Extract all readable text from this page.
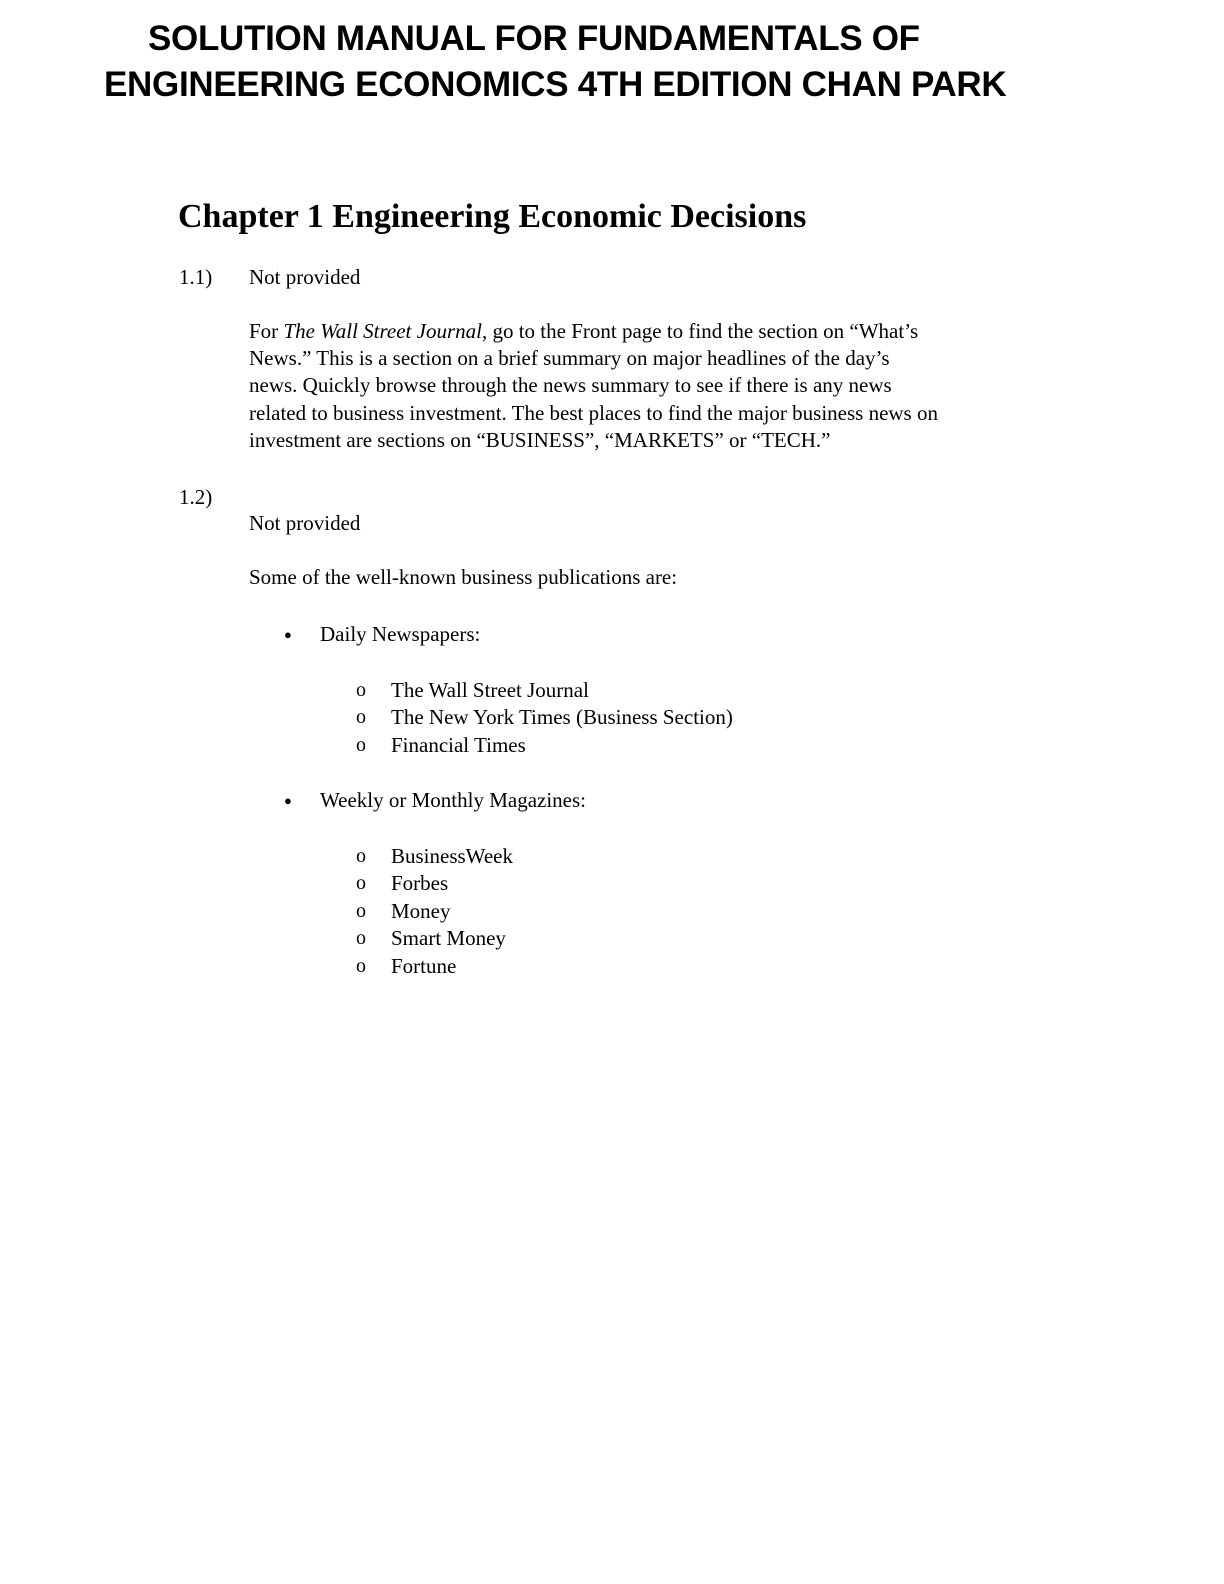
SOLUTION MANUAL FOR FUNDAMENTALS OF
ENGINEERING ECONOMICS 4TH EDITION CHAN PARK
Chapter 1 Engineering Economic Decisions
1.1) Not provided
For The Wall Street Journal, go to the Front page to find the section on “What’s
News.” This is a section on a brief summary on major headlines of the day’s
news. Quickly browse through the news summary to see if there is any news
related to business investment. The best places to find the major business news on
investment are sections on “BUSINESS”, “MARKETS” or “TECH.”
1.2)
Not provided
Some of the well-known business publications are:
● Daily Newspapers:
o The Wall Street Journal
o The New York Times (Business Section)
o Financial Times
● Weekly or Monthly Magazines:
o BusinessWeek
o Forbes
o Money
o Smart Money
o Fortune
